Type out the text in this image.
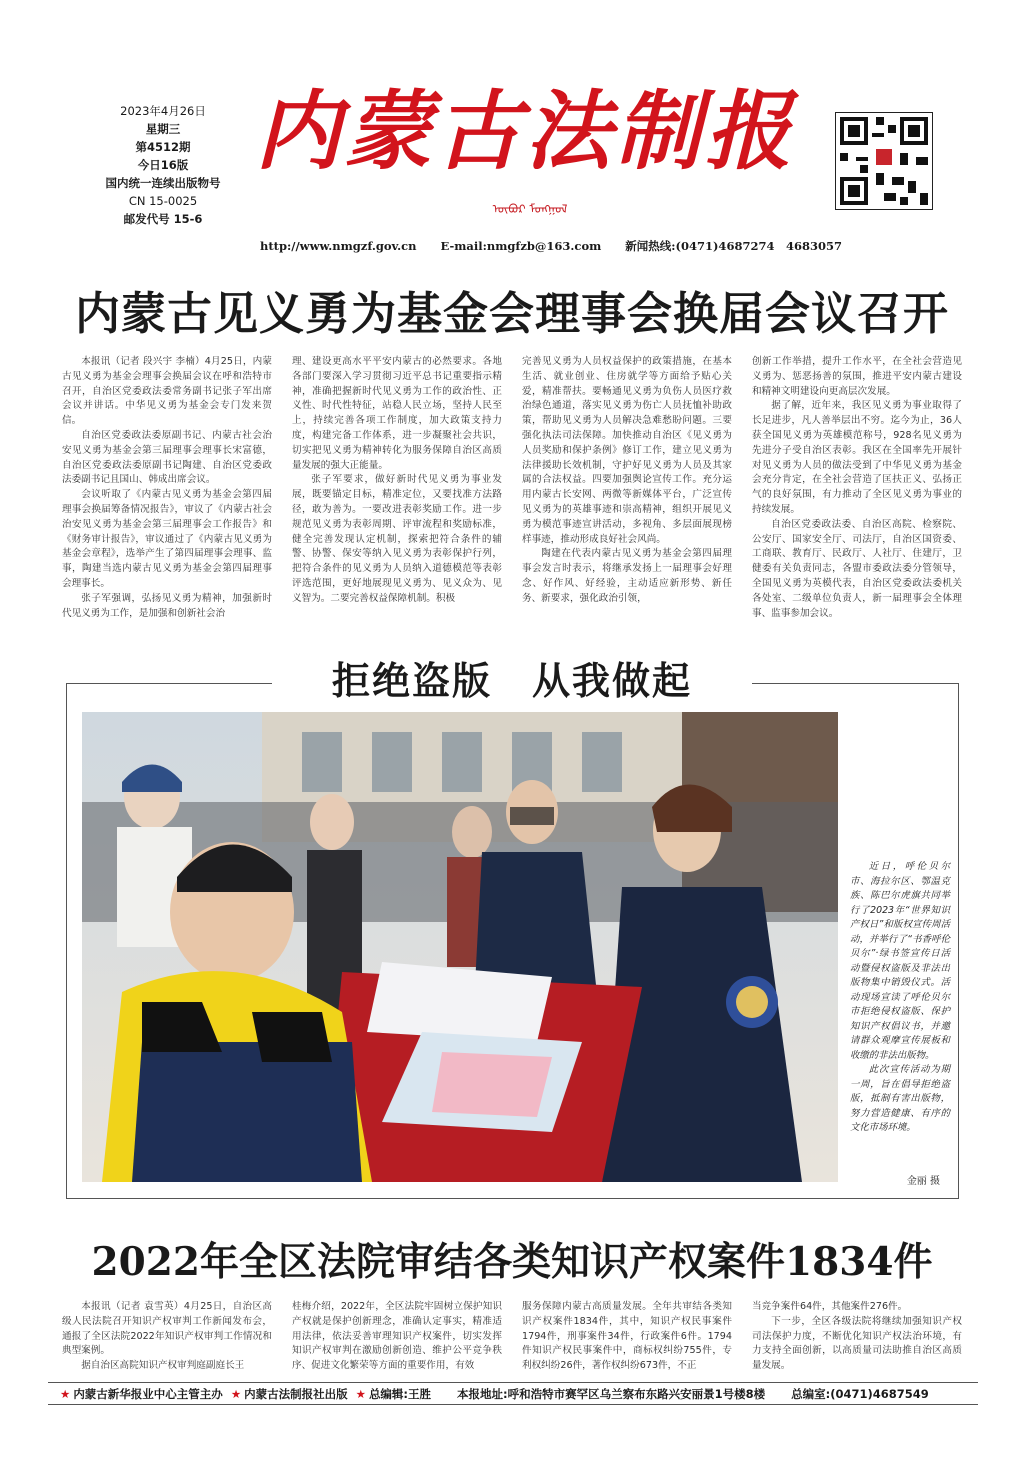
2023年4月26日
星期三
第4512期
今日16版
国内统一连续出版物号
CN 15-0025
邮发代号 15-6
内蒙古法制报
ᠦᠪᠦᠷ ᠮᠣᠩᠭᠣᠯ
http://www.nmgzf.gov.cn E-mail:nmgfzb@163.com 新闻热线:(0471)4687274　4683057
内蒙古见义勇为基金会理事会换届会议召开

本报讯（记者 段兴宇 李楠）4月25日，内蒙古见义勇为基金会理事会换届会议在呼和浩特市召开，自治区党委政法委常务副书记张子军出席会议并讲话。中华见义勇为基金会专门发来贺信。

自治区党委政法委原副书记、内蒙古社会治安见义勇为基金会第三届理事会理事长宋富德，自治区党委政法委原副书记陶建、自治区党委政法委副书记且国山、韩成出席会议。

会议听取了《内蒙古见义勇为基金会第四届理事会换届筹备情况报告》，审议了《内蒙古社会治安见义勇为基金会第三届理事会工作报告》和《财务审计报告》，审议通过了《内蒙古见义勇为基金会章程》，选举产生了第四届理事会理事、监事，陶建当选内蒙古见义勇为基金会第四届理事会理事长。

张子军强调，弘扬见义勇为精神，加强新时代见义勇为工作，是加强和创新社会治

理、建设更高水平平安内蒙古的必然要求。各地各部门要深入学习贯彻习近平总书记重要指示精神，准确把握新时代见义勇为工作的政治性、正义性、时代性特征，站稳人民立场，坚持人民至上，持续完善各项工作制度，加大政策支持力度，构建完备工作体系，进一步凝聚社会共识，切实把见义勇为精神转化为服务保障自治区高质量发展的强大正能量。

张子军要求，做好新时代见义勇为事业发展，既要锚定目标，精准定位，又要找准方法路径，敢为善为。一要改进表彰奖励工作。进一步规范见义勇为表彰周期、评审流程和奖励标准，健全完善发现认定机制，探索把符合条件的辅警、协警、保安等纳入见义勇为表彰保护行列，把符合条件的见义勇为人员纳入道德模范等表彰评选范围，更好地展现见义勇为、见义众为、见义智为。二要完善权益保障机制。积极

完善见义勇为人员权益保护的政策措施，在基本生活、就业创业、住房就学等方面给予贴心关爱，精准帮扶。要畅通见义勇为负伤人员医疗救治绿色通道，落实见义勇为伤亡人员抚恤补助政策，帮助见义勇为人员解决急难愁盼问题。三要强化执法司法保障。加快推动自治区《见义勇为人员奖励和保护条例》修订工作，建立见义勇为法律援助长效机制，守护好见义勇为人员及其家属的合法权益。四要加强舆论宣传工作。充分运用内蒙古长安网、两微等新媒体平台，广泛宣传见义勇为的英雄事迹和崇高精神，组织开展见义勇为模范事迹宣讲活动，多视角、多层面展现榜样事迹，推动形成良好社会风尚。

陶建在代表内蒙古见义勇为基金会第四届理事会发言时表示，将继承发扬上一届理事会好理念、好作风、好经验，主动适应新形势、新任务、新要求，强化政治引领，

创新工作举措，提升工作水平，在全社会营造见义勇为、惩恶扬善的氛围，推进平安内蒙古建设和精神文明建设向更高层次发展。

据了解，近年来，我区见义勇为事业取得了长足进步，凡人善举层出不穷。迄今为止，36人获全国见义勇为英雄模范称号，928名见义勇为先进分子受自治区表彰。我区在全国率先开展针对见义勇为人员的做法受到了中华见义勇为基金会充分肯定，在全社会营造了匡扶正义、弘扬正气的良好氛围，有力推动了全区见义勇为事业的持续发展。

自治区党委政法委、自治区高院、检察院、公安厅、国家安全厅、司法厅，自治区国资委、工商联、教育厅、民政厅、人社厅、住建厅，卫健委有关负责同志，各盟市委政法委分管领导，全国见义勇为英模代表，自治区党委政法委机关各处室、二级单位负责人，新一届理事会全体理事、监事参加会议。

拒绝盗版　从我做起

近日，呼伦贝尔市、海拉尔区、鄂温克族、陈巴尔虎旗共同举行了2023年“世界知识产权日”和版权宣传周活动，并举行了“书香呼伦贝尔”·绿书签宣传日活动暨侵权盗版及非法出版物集中销毁仪式。活动现场宣读了呼伦贝尔市拒绝侵权盗版、保护知识产权倡议书，并邀请群众观摩宣传展板和收缴的非法出版物。

此次宣传活动为期一周，旨在倡导拒绝盗版，抵制有害出版物，努力营造健康、有序的文化市场环境。

金丽 摄
2022年全区法院审结各类知识产权案件1834件

本报讯（记者 袁雪英）4月25日，自治区高级人民法院召开知识产权审判工作新闻发布会，通报了全区法院2022年知识产权审判工作情况和典型案例。

据自治区高院知识产权审判庭副庭长王

桂梅介绍，2022年，全区法院牢固树立保护知识产权就是保护创新理念，准确认定事实，精准适用法律，依法妥善审理知识产权案件，切实发挥知识产权审判在激励创新创造、维护公平竞争秩序、促进文化繁荣等方面的重要作用，有效

服务保障内蒙古高质量发展。全年共审结各类知识产权案件1834件，其中，知识产权民事案件1794件，刑事案件34件，行政案件6件。1794件知识产权民事案件中，商标权纠纷755件，专利权纠纷26件，著作权纠纷673件，不正

当竞争案件64件，其他案件276件。

下一步，全区各级法院将继续加强知识产权司法保护力度，不断优化知识产权法治环境，有力支持全面创新，以高质量司法助推自治区高质量发展。

★ 内蒙古新华报业中心主管主办 ★ 内蒙古法制报社出版 ★ 总编辑:王胜 本报地址:呼和浩特市赛罕区乌兰察布东路兴安丽景1号楼8楼 总编室:(0471)4687549
